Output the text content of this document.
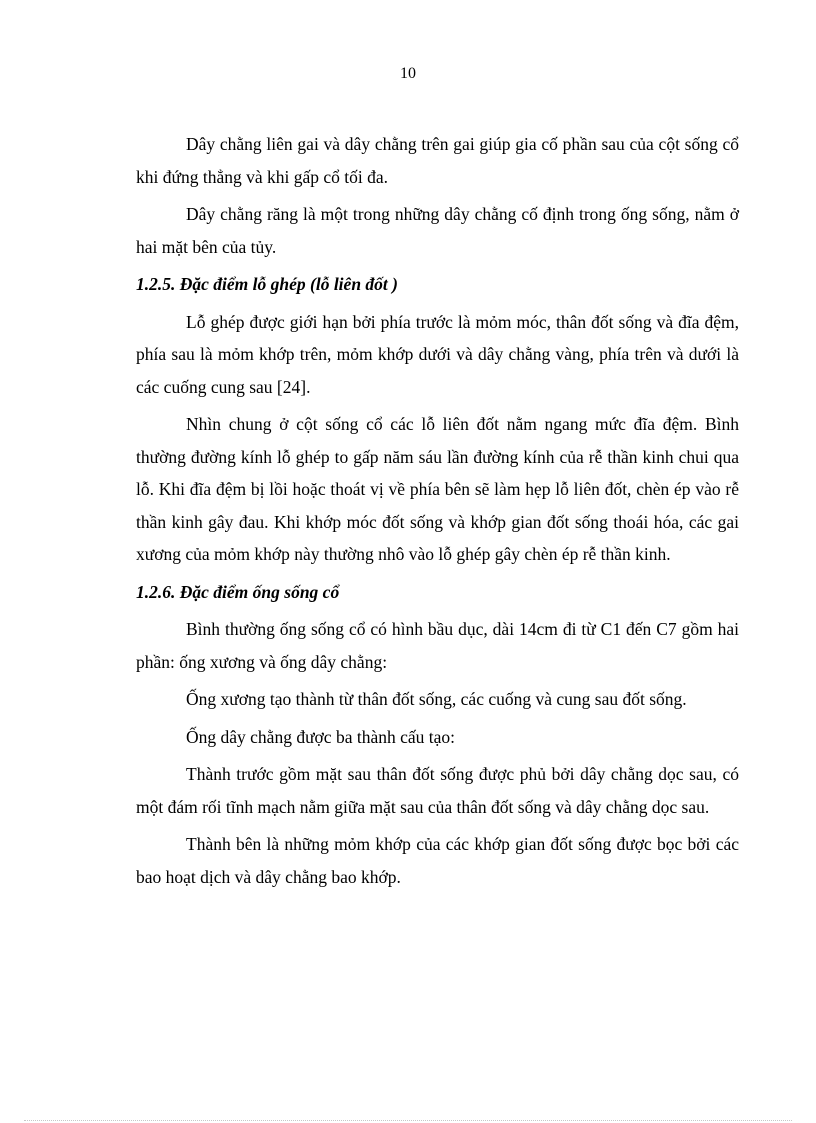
10

Dây chằng liên gai và dây chằng trên gai giúp gia cố phần sau của cột sống cổ khi đứng thẳng và khi gấp cổ tối đa.

Dây chằng răng là một trong những dây chằng cố định trong ống sống, nằm ở hai mặt bên của tủy.

1.2.5. Đặc điểm lỗ ghép (lỗ liên đốt )

Lỗ ghép được giới hạn bởi phía trước là mỏm móc, thân đốt sống và đĩa đệm, phía sau là mỏm khớp trên, mỏm khớp dưới và dây chằng vàng, phía trên và dưới là các cuống cung sau [24].

Nhìn chung ở cột sống cổ các lỗ liên đốt nằm ngang mức đĩa đệm. Bình thường đường kính lỗ ghép to gấp năm sáu lần đường kính của rễ thần kinh chui qua lỗ. Khi đĩa đệm bị lồi hoặc thoát vị về phía bên sẽ làm hẹp lỗ liên đốt, chèn ép vào rễ thần kinh gây đau. Khi khớp móc đốt sống và khớp gian đốt sống thoái hóa, các gai xương của mỏm khớp này thường nhô vào lỗ ghép gây chèn ép rễ thần kinh.

1.2.6. Đặc điểm ống sống cổ

Bình thường ống sống cổ có hình bầu dục, dài 14cm đi từ C1 đến C7 gồm hai phần: ống xương và ống dây chằng:

Ống xương tạo thành từ thân đốt sống, các cuống và cung sau đốt sống.

Ống dây chằng được ba thành cấu tạo:

Thành trước gồm mặt sau thân đốt sống được phủ bởi dây chằng dọc sau, có một đám rối tĩnh mạch nằm giữa mặt sau của thân đốt sống và dây chằng dọc sau.

Thành bên là những mỏm khớp của các khớp gian đốt sống được bọc bởi các bao hoạt dịch và dây chằng bao khớp.
